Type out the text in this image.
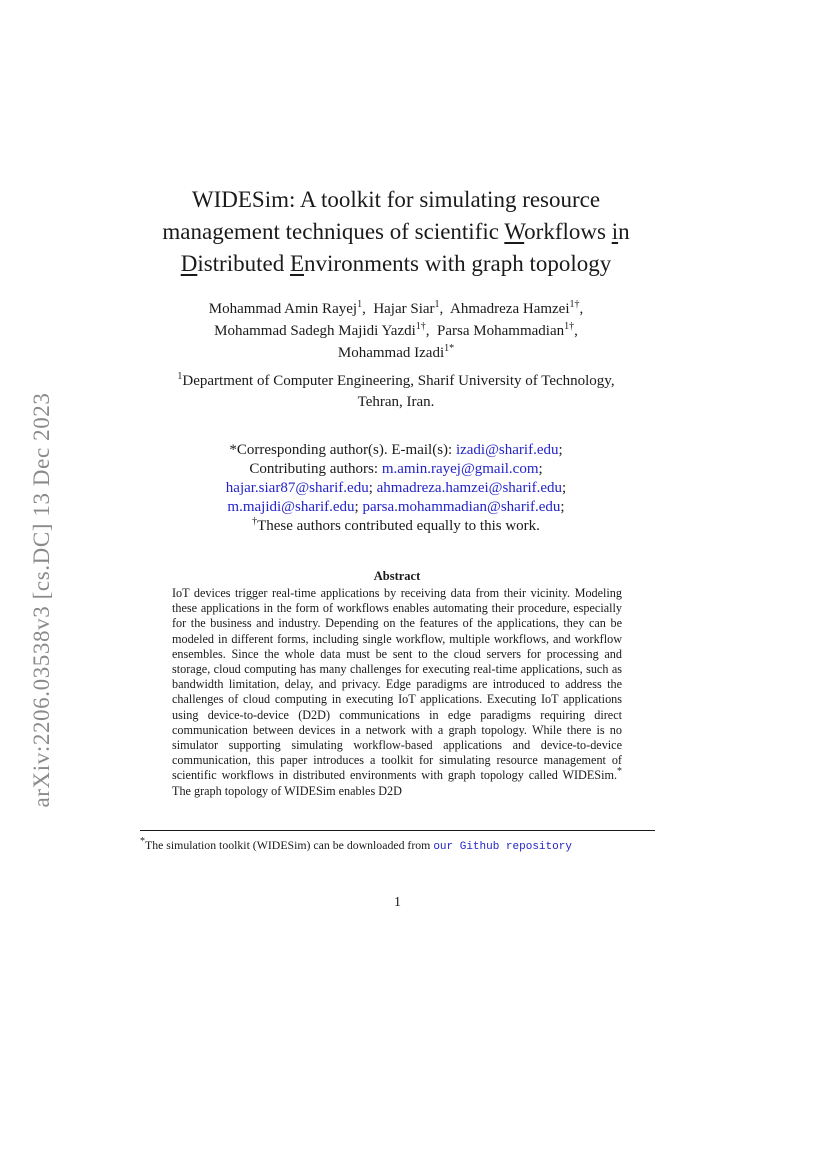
arXiv:2206.03538v3 [cs.DC] 13 Dec 2023
WIDESim: A toolkit for simulating resource
management techniques of scientific Workflows in
Distributed Environments with graph topology
Mohammad Amin Rayej$^1$,  Hajar Siar$^1$,  Ahmadreza Hamzei$^{1\dagger}$,
Mohammad Sadegh Majidi Yazdi$^{1\dagger}$,  Parsa Mohammadian$^{1\dagger}$,
Mohammad Izadi$^{1*}$
$^1$Department of Computer Engineering, Sharif University of Technology,
Tehran, Iran.
*Corresponding author(s). E-mail(s): izadi@sharif.edu;
Contributing authors: m.amin.rayej@gmail.com;
hajar.siar87@sharif.edu; ahmadreza.hamzei@sharif.edu;
m.majidi@sharif.edu; parsa.mohammadian@sharif.edu;
†These authors contributed equally to this work.
Abstract
IoT devices trigger real-time applications by receiving data from their vicinity. Modeling these applications in the form of workflows enables automating their procedure, especially for the business and industry. Depending on the features of the applications, they can be modeled in different forms, including single workflow, multiple workflows, and workflow ensembles. Since the whole data must be sent to the cloud servers for processing and storage, cloud computing has many challenges for executing real-time applications, such as bandwidth limitation, delay, and privacy. Edge paradigms are introduced to address the challenges of cloud computing in executing IoT applications. Executing IoT applications using device-to-device (D2D) communications in edge paradigms requiring direct communication between devices in a network with a graph topology. While there is no simulator supporting simulating workflow-based applications and device-to-device communication, this paper introduces a toolkit for simulating resource management of scientific workflows in distributed environments with graph topology called WIDESim.* The graph topology of WIDESim enables D2D
*The simulation toolkit (WIDESim) can be downloaded from our Github repository
1
